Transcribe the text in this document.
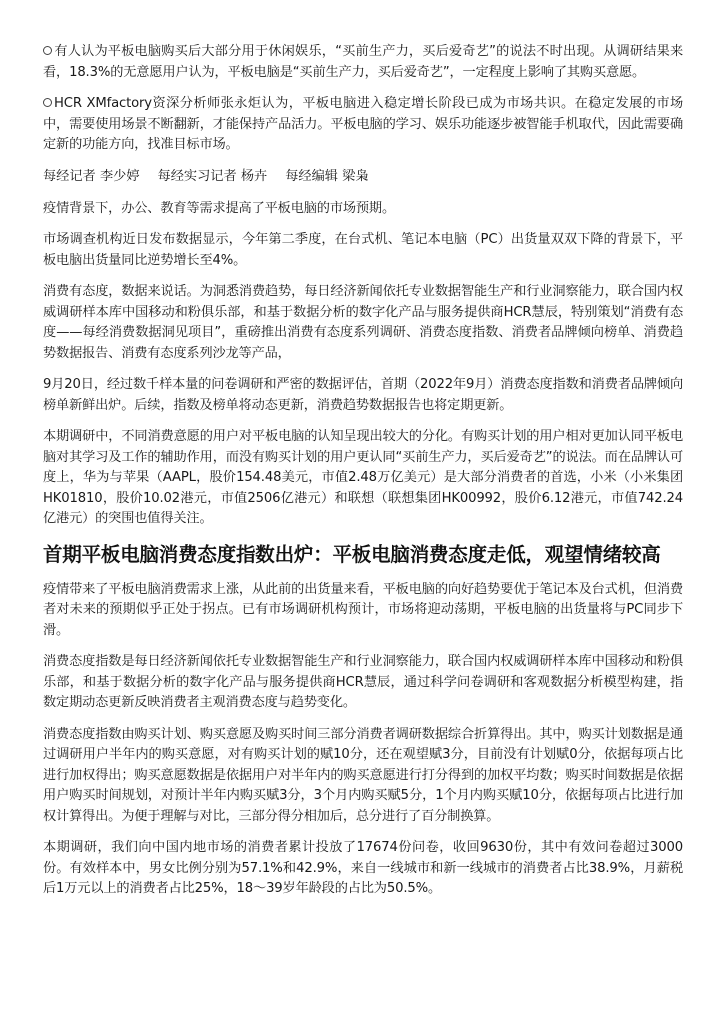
有人认为平板电脑购买后大部分用于休闲娱乐，“买前生产力，买后爱奇艺”的说法不时出现。从调研结果来看，18.3%的无意愿用户认为，平板电脑是“买前生产力，买后爱奇艺”，一定程度上影响了其购买意愿。

HCR XMfactory资深分析师张永炬认为，平板电脑进入稳定增长阶段已成为市场共识。在稳定发展的市场中，需要使用场景不断翻新，才能保持产品活力。平板电脑的学习、娱乐功能逐步被智能手机取代，因此需要确定新的功能方向，找准目标市场。

每经记者 李少婷 每经实习记者 杨卉 每经编辑 梁枭

疫情背景下，办公、教育等需求提高了平板电脑的市场预期。

市场调查机构近日发布数据显示，今年第二季度，在台式机、笔记本电脑（PC）出货量双双下降的背景下，平板电脑出货量同比逆势增长至4%。

消费有态度，数据来说话。为洞悉消费趋势，每日经济新闻依托专业数据智能生产和行业洞察能力，联合国内权威调研样本库中国移动和粉俱乐部，和基于数据分析的数字化产品与服务提供商HCR慧辰，特别策划“消费有态度——每经消费数据洞见项目”，重磅推出消费有态度系列调研、消费态度指数、消费者品牌倾向榜单、消费趋势数据报告、消费有态度系列沙龙等产品，

9月20日，经过数千样本量的问卷调研和严密的数据评估，首期（2022年9月）消费态度指数和消费者品牌倾向榜单新鲜出炉。后续，指数及榜单将动态更新，消费趋势数据报告也将定期更新。

本期调研中，不同消费意愿的用户对平板电脑的认知呈现出较大的分化。有购买计划的用户相对更加认同平板电脑对其学习及工作的辅助作用，而没有购买计划的用户更认同“买前生产力，买后爱奇艺”的说法。而在品牌认可度上，华为与苹果（AAPL，股价154.48美元，市值2.48万亿美元）是大部分消费者的首选，小米（小米集团HK01810，股价10.02港元，市值2506亿港元）和联想（联想集团HK00992，股价6.12港元，市值742.24亿港元）的突围也值得关注。

首期平板电脑消费态度指数出炉：平板电脑消费态度走低，观望情绪较高

疫情带来了平板电脑消费需求上涨，从此前的出货量来看，平板电脑的向好趋势要优于笔记本及台式机，但消费者对未来的预期似乎正处于拐点。已有市场调研机构预计，市场将迎动荡期，平板电脑的出货量将与PC同步下滑。

消费态度指数是每日经济新闻依托专业数据智能生产和行业洞察能力，联合国内权威调研样本库中国移动和粉俱乐部，和基于数据分析的数字化产品与服务提供商HCR慧辰，通过科学问卷调研和客观数据分析模型构建，指数定期动态更新反映消费者主观消费态度与趋势变化。

消费态度指数由购买计划、购买意愿及购买时间三部分消费者调研数据综合折算得出。其中，购买计划数据是通过调研用户半年内的购买意愿，对有购买计划的赋10分，还在观望赋3分，目前没有计划赋0分，依据每项占比进行加权得出；购买意愿数据是依据用户对半年内的购买意愿进行打分得到的加权平均数；购买时间数据是依据用户购买时间规划，对预计半年内购买赋3分，3个月内购买赋5分，1个月内购买赋10分，依据每项占比进行加权计算得出。为便于理解与对比，三部分得分相加后，总分进行了百分制换算。

本期调研，我们向中国内地市场的消费者累计投放了17674份问卷，收回9630份，其中有效问卷超过3000份。有效样本中，男女比例分别为57.1%和42.9%，来自一线城市和新一线城市的消费者占比38.9%，月薪税后1万元以上的消费者占比25%，18～39岁年龄段的占比为50.5%。
